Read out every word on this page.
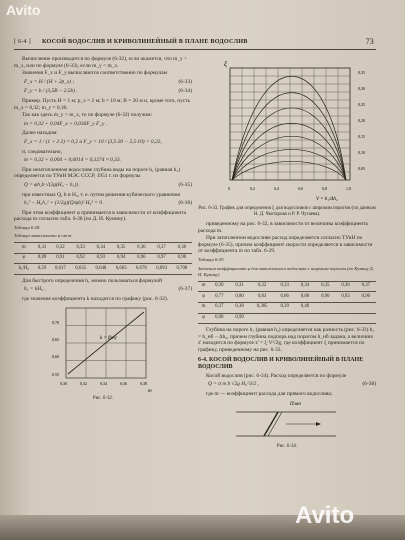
[ 6-4 ] КОСОЙ ВОДОСЛИВ И КРИВОЛИНЕЙНЫЙ В ПЛАНЕ ВОДОСЛИВ	73

Вычисление производится по формуле (6-32), если окажется, что m_y > m_x, или по формуле (6-33), если m_y < m_x.

Значения F_x и F_y вычисляются соответственно по формулам

F_x = H / (H + 2p_x) ;	(6-33)
F_y = b / (3,5B − 2,5b) .	(6-34)

Пример. Пусть H = 1 м; p_x = 2 м; b = 10 м; B = 20 м и, кроме того, пусть m_x = 0,32; m_y = 0,36.

Так как здесь m_y > m_x, то по формуле (6-32) получим:

m = 0,32 + 0,04F_x + 0,036F_y F_y .

Далее находим:

F_x = 1 / (1 + 2·2) = 0,2 и F_y = 10 / (3,5·20 − 2,5·10) = 0,22,

и, следовательно,

m = 0,32 + 0,004 + 0,0014 = 0,3274 ≈ 0,33.

При незатопленном водосливе глубина воды на пороге h₁ (равная h₂) определяется по ТУиН МЭС СССР, 1951 г. из формулы

Q = φh₁b √(2g(H₀ − h₁)) .	(6-35)

при известных Q, b и H₀, т. е. путем решения кубического уравнения

h₁³ − H₀h₁² + (1/2g)(Q/φb)² H₀³ = 0 .	(6-36)

При этом коэффициент φ принимается в зависимости от коэффициента расхода m согласно табл. 6-28 (по Д. И. Кумину).

Таблица 6-28
Таблица зависимости φ от m
m	0,31	0,32	0,33	0,34	0,35	0,36	0,37	0,38
φ	0,89	0,91	0,92	0,93	0,94	0,96	0,97	0,98
h₁/H₀	0,59	0,617	0,635	0,648	0,663	0,678	0,693	0,708

Для быстрого определения h₁ можно пользоваться формулой

h₁ = kH₀ ,	(6-37)

где значение коэффициента k находится по графику (рис. 6-32).

k = f(m)
0,30	0,32	0,34	0,36	0,38
0,55
0,60
0,65
0,70
m
Рис. 6-32.
ξ
V = h₁/Δh₂
0	0,2	0,4	0,6	0,8	1,0
0,05
0,10
0,15
0,20
0,25
0,30
0,35
Рис. 6-33. График для определения ξ для водосливов с широким порогом (по данным Н. Д. Чкотарова и Р. Р. Чугаева).

приведенному на рис. 6-32, в зависимости от величины коэффициента расхода m.

При затопленном водосливе расход определяется согласно ТУиН по формуле (6-35), причем коэффициент скорости определяется в зависимости от коэффициента m по табл. 6-29.

Таблица 6-29
Значения коэффициента φ для затопленного водослива с широким порогом (по Кумину Д. И. Кумину)
m	0,30	0,31	0,32	0,33	0,34	0,35	0,36	0,37
φ	0,77	0,80	0,83	0,86	0,88	0,90	0,93	0,96
m	0,37	0,38	0,385	0,39	0,40			
φ	0,98	0,99						

Глубина на пороге h₁ (равная h₂) определяется как разность (рис. 6-33) h₁ = h_нб − Δh₂, причем глубина подпора над порогом h_нб задана, а величина z' находится по формуле z' = ξ·V²/2g, где коэффициент ξ принимается по графику, приведенному на рис. 6-33.

6-4. КОСОЙ ВОДОСЛИВ И КРИВОЛИНЕЙНЫЙ В ПЛАНЕ ВОДОСЛИВ

Косой водослив (рис. 6-34). Расход определяется по формуле

Q = σ m b √2g H₀^3/2 ,	(6-38)

где m — коэффициент расхода для прямого водослива;

План
Рис. 6-34.
Avito
Avito
